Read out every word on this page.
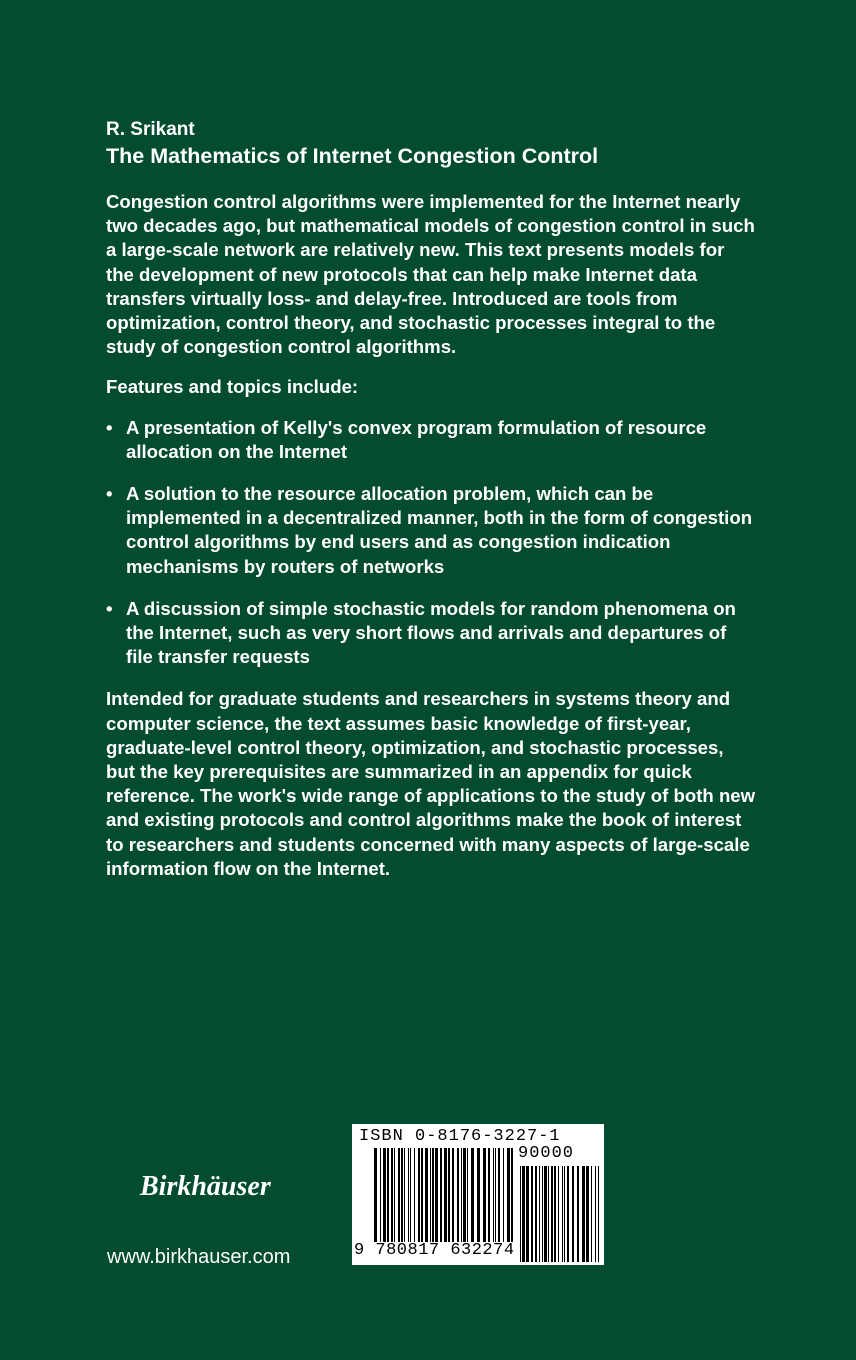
R. Srikant

The Mathematics of Internet Congestion Control

Congestion control algorithms were implemented for the Internet nearly two decades ago, but mathematical models of congestion control in such a large-scale network are relatively new. This text presents models for the development of new protocols that can help make Internet data transfers virtually loss- and delay-free. Introduced are tools from optimization, control theory, and stochastic processes integral to the study of congestion control algorithms.

Features and topics include:

• A presentation of Kelly's convex program formulation of resource allocation on the Internet
• A solution to the resource allocation problem, which can be implemented in a decentralized manner, both in the form of congestion control algorithms by end users and as congestion indication mechanisms by routers of networks
• A discussion of simple stochastic models for random phenomena on the Internet, such as very short flows and arrivals and departures of file transfer requests

Intended for graduate students and researchers in systems theory and computer science, the text assumes basic knowledge of first-year, graduate-level control theory, optimization, and stochastic processes, but the key prerequisites are summarized in an appendix for quick reference. The work's wide range of applications to the study of both new and existing protocols and control algorithms make the book of interest to researchers and students concerned with many aspects of large-scale information flow on the Internet.

Birkhäuser
www.birkhauser.com
ISBN 0-8176-3227-1
90000
9 780817 632274
